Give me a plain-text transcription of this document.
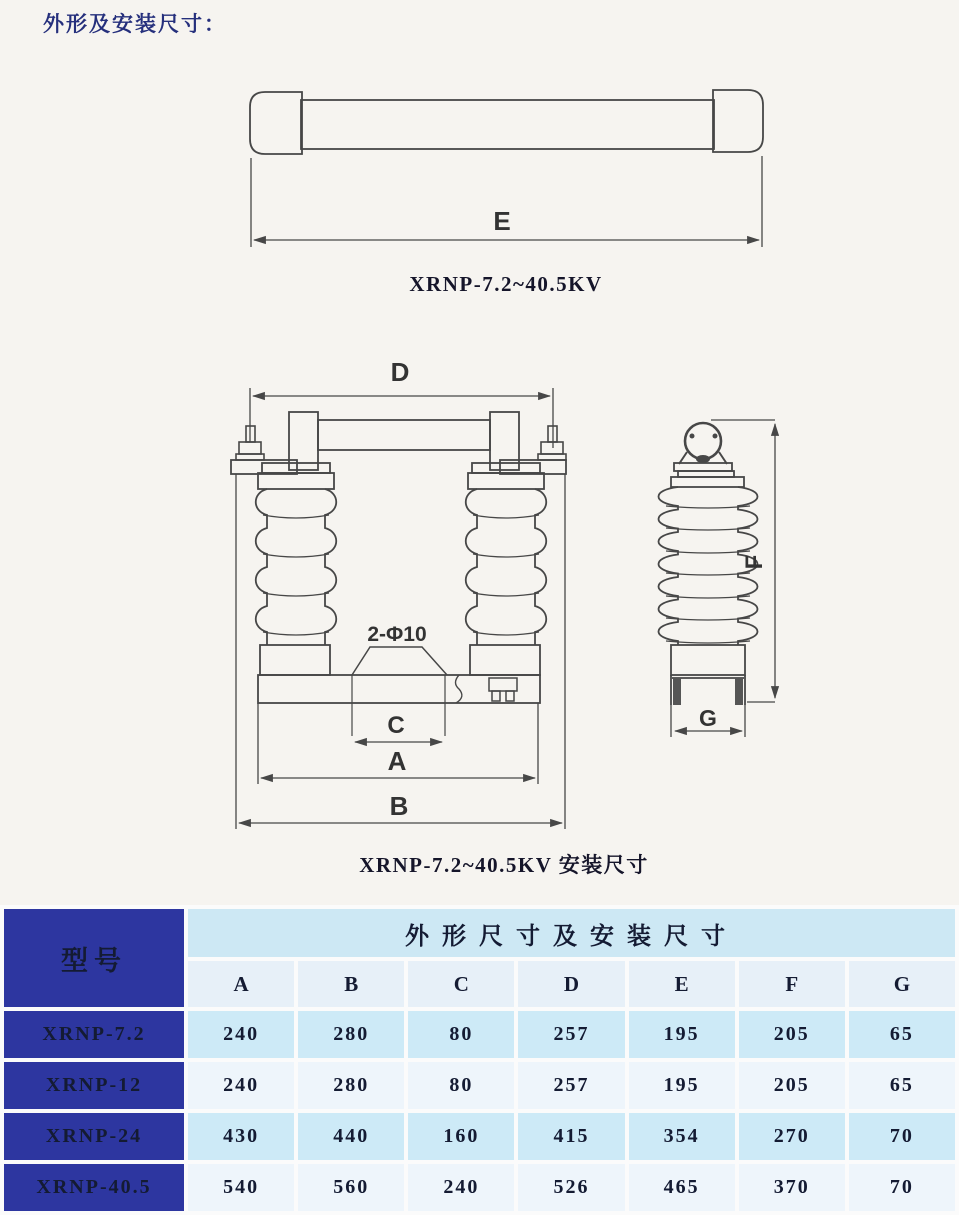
外形及安装尺寸：
E
D
2-Φ10
C
A
B
G
F
XRNP-7.2~40.5KV
XRNP-7.2~40.5KV 安装尺寸
型号	外形尺寸及安装尺寸						
	A	B	C	D	E	F	G
XRNP-7.2	240	280	80	257	195	205	65
XRNP-12	240	280	80	257	195	205	65
XRNP-24	430	440	160	415	354	270	70
XRNP-40.5	540	560	240	526	465	370	70
